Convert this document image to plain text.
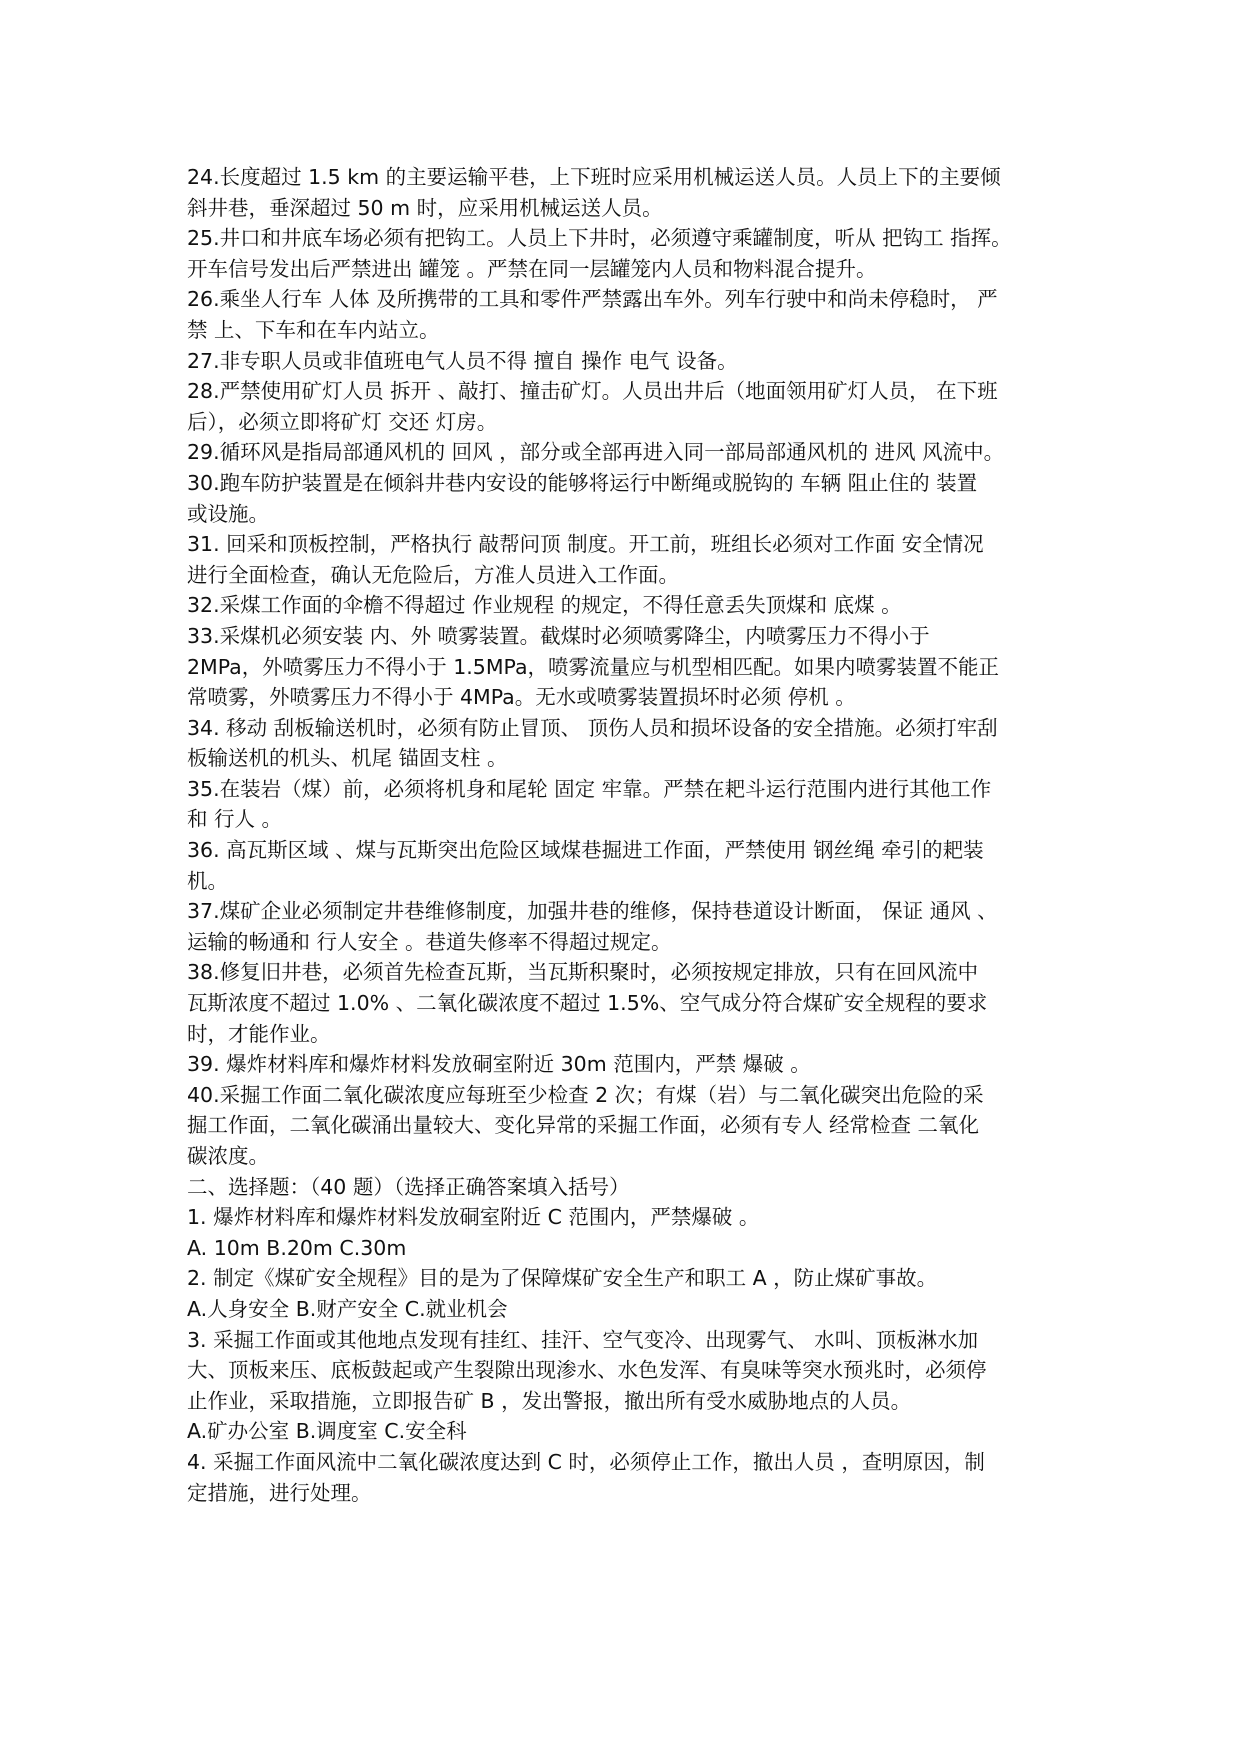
24.长度超过 1.5 km 的主要运输平巷，上下班时应采用机械运送人员。人员上下的主要倾
斜井巷，垂深超过 50 m 时，应采用机械运送人员。
25.井口和井底车场必须有把钩工。人员上下井时，必须遵守乘罐制度，听从 把钩工 指挥。
开车信号发出后严禁进出 罐笼 。严禁在同一层罐笼内人员和物料混合提升。
26.乘坐人行车 人体 及所携带的工具和零件严禁露出车外。列车行驶中和尚未停稳时， 严
禁 上、下车和在车内站立。
27.非专职人员或非值班电气人员不得 擅自 操作 电气 设备。
28.严禁使用矿灯人员 拆开 、敲打、撞击矿灯。人员出井后（地面领用矿灯人员， 在下班
后），必须立即将矿灯 交还 灯房。
29.循环风是指局部通风机的 回风 ，部分或全部再进入同一部局部通风机的 进风 风流中。
30.跑车防护装置是在倾斜井巷内安设的能够将运行中断绳或脱钩的 车辆 阻止住的 装置
或设施。
31. 回采和顶板控制，严格执行 敲帮问顶 制度。开工前，班组长必须对工作面 安全情况
进行全面检查，确认无危险后，方准人员进入工作面。
32.采煤工作面的伞檐不得超过 作业规程 的规定，不得任意丢失顶煤和 底煤 。
33.采煤机必须安装 内、外 喷雾装置。截煤时必须喷雾降尘，内喷雾压力不得小于
2MPa，外喷雾压力不得小于 1.5MPa，喷雾流量应与机型相匹配。如果内喷雾装置不能正
常喷雾，外喷雾压力不得小于 4MPa。无水或喷雾装置损坏时必须 停机 。
34. 移动 刮板输送机时，必须有防止冒顶、 顶伤人员和损坏设备的安全措施。必须打牢刮
板输送机的机头、机尾 锚固支柱 。
35.在装岩（煤）前，必须将机身和尾轮 固定 牢靠。严禁在耙斗运行范围内进行其他工作
和 行人 。
36. 高瓦斯区域 、煤与瓦斯突出危险区域煤巷掘进工作面，严禁使用 钢丝绳 牵引的耙装
机。
37.煤矿企业必须制定井巷维修制度，加强井巷的维修，保持巷道设计断面， 保证 通风 、
运输的畅通和 行人安全 。巷道失修率不得超过规定。
38.修复旧井巷，必须首先检查瓦斯，当瓦斯积聚时，必须按规定排放，只有在回风流中
瓦斯浓度不超过 1.0% 、二氧化碳浓度不超过 1.5%、空气成分符合煤矿安全规程的要求
时，才能作业。
39. 爆炸材料库和爆炸材料发放硐室附近 30m 范围内，严禁 爆破 。
40.采掘工作面二氧化碳浓度应每班至少检查 2 次；有煤（岩）与二氧化碳突出危险的采
掘工作面，二氧化碳涌出量较大、变化异常的采掘工作面，必须有专人 经常检查 二氧化
碳浓度。
二、选择题：（40 题）（选择正确答案填入括号）
1. 爆炸材料库和爆炸材料发放硐室附近 C 范围内，严禁爆破 。
A. 10m B.20m C.30m
2. 制定《煤矿安全规程》目的是为了保障煤矿安全生产和职工 A ，防止煤矿事故。
A.人身安全 B.财产安全 C.就业机会
3. 采掘工作面或其他地点发现有挂红、挂汗、空气变冷、出现雾气、 水叫、顶板淋水加
大、顶板来压、底板鼓起或产生裂隙出现渗水、水色发浑、有臭味等突水预兆时，必须停
止作业，采取措施，立即报告矿 B ，发出警报，撤出所有受水威胁地点的人员。
A.矿办公室 B.调度室 C.安全科
4. 采掘工作面风流中二氧化碳浓度达到 C 时，必须停止工作，撤出人员 ，查明原因，制
定措施，进行处理。
